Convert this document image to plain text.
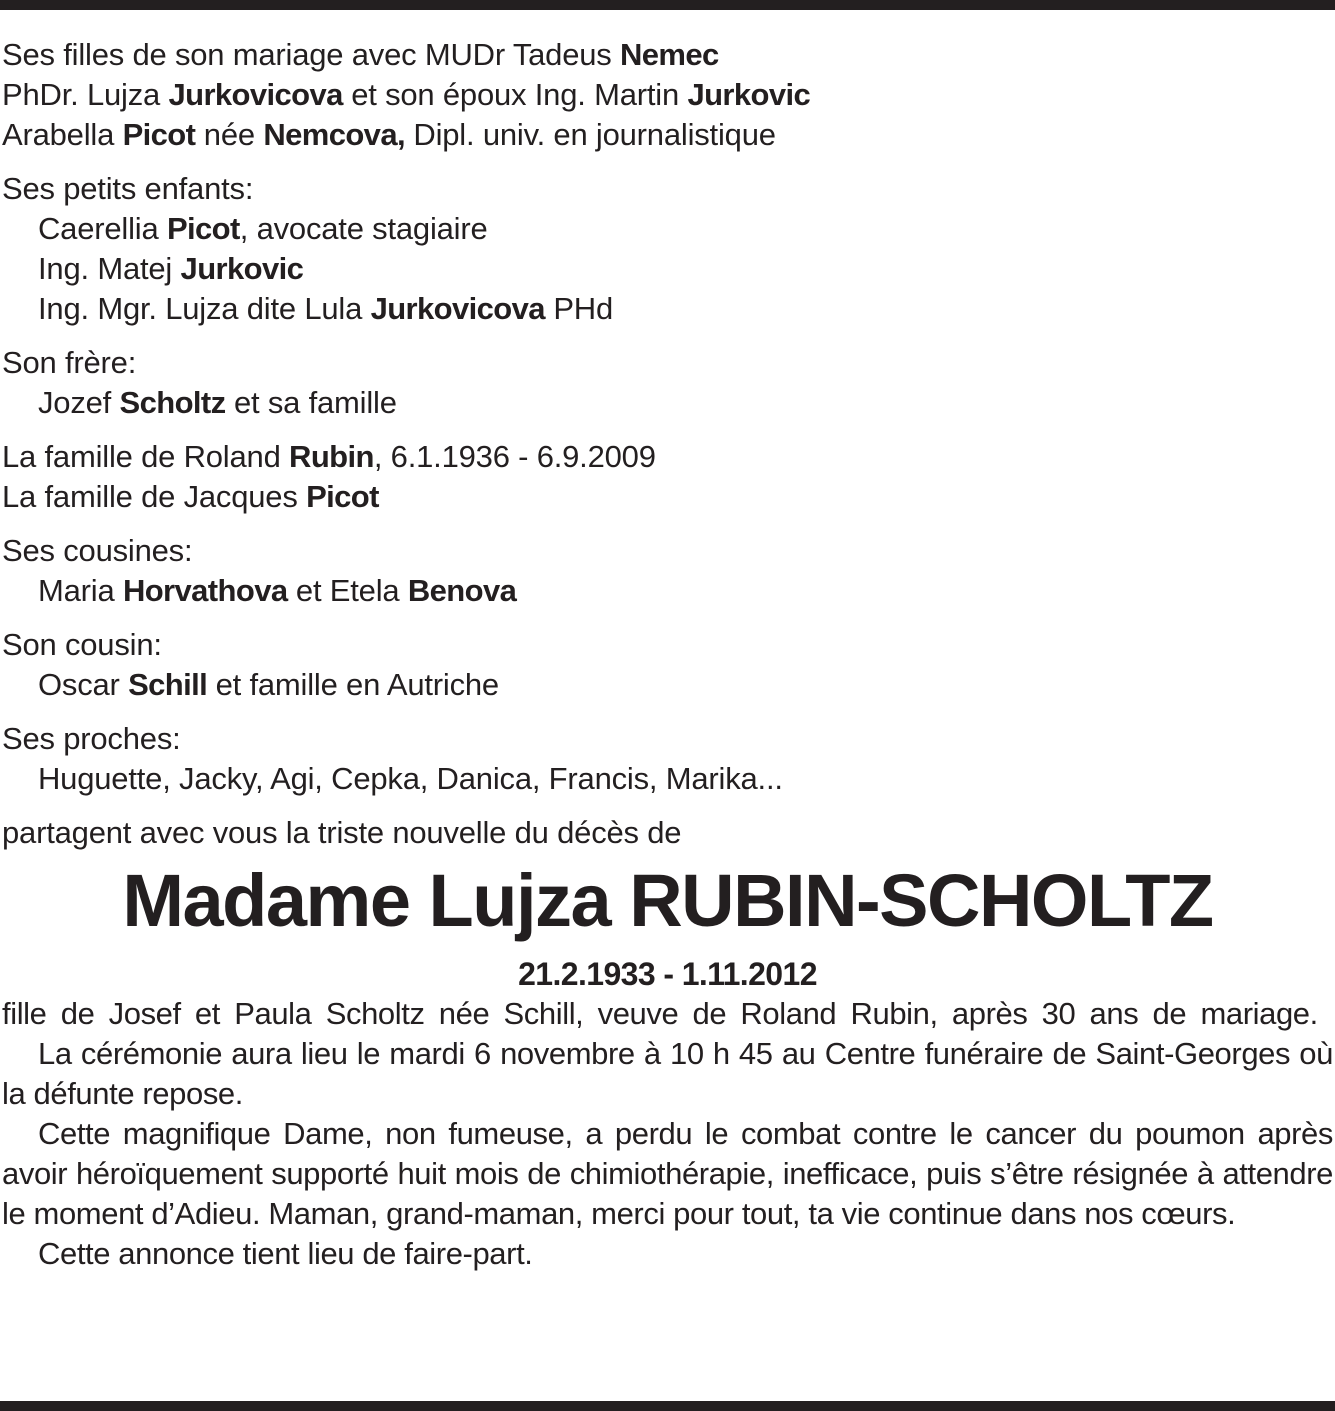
Ses filles de son mariage avec MUDr Tadeus Nemec
PhDr. Lujza Jurkovicova et son époux Ing. Martin Jurkovic
Arabella Picot née Nemcova, Dipl. univ. en journalistique
Ses petits enfants:
Caerellia Picot, avocate stagiaire
Ing. Matej Jurkovic
Ing. Mgr. Lujza dite Lula Jurkovicova PHd
Son frère:
Jozef Scholtz et sa famille
La famille de Roland Rubin, 6.1.1936 - 6.9.2009
La famille de Jacques Picot
Ses cousines:
Maria Horvathova et Etela Benova
Son cousin:
Oscar Schill et famille en Autriche
Ses proches:
Huguette, Jacky, Agi, Cepka, Danica, Francis, Marika...
partagent avec vous la triste nouvelle du décès de
Madame Lujza RUBIN-SCHOLTZ
21.2.1933 - 1.11.2012
fille de Josef et Paula Scholtz née Schill, veuve de Roland Rubin, après 30 ans de mariage.
La cérémonie aura lieu le mardi 6 novembre à 10 h 45 au Centre funéraire de Saint-Georges où la défunte repose.
Cette magnifique Dame, non fumeuse, a perdu le combat contre le cancer du poumon après avoir héroïquement supporté huit mois de chimiothérapie, inefficace, puis s’être résignée à attendre le moment d’Adieu. Maman, grand-maman, merci pour tout, ta vie continue dans nos cœurs.
Cette annonce tient lieu de faire-part.
